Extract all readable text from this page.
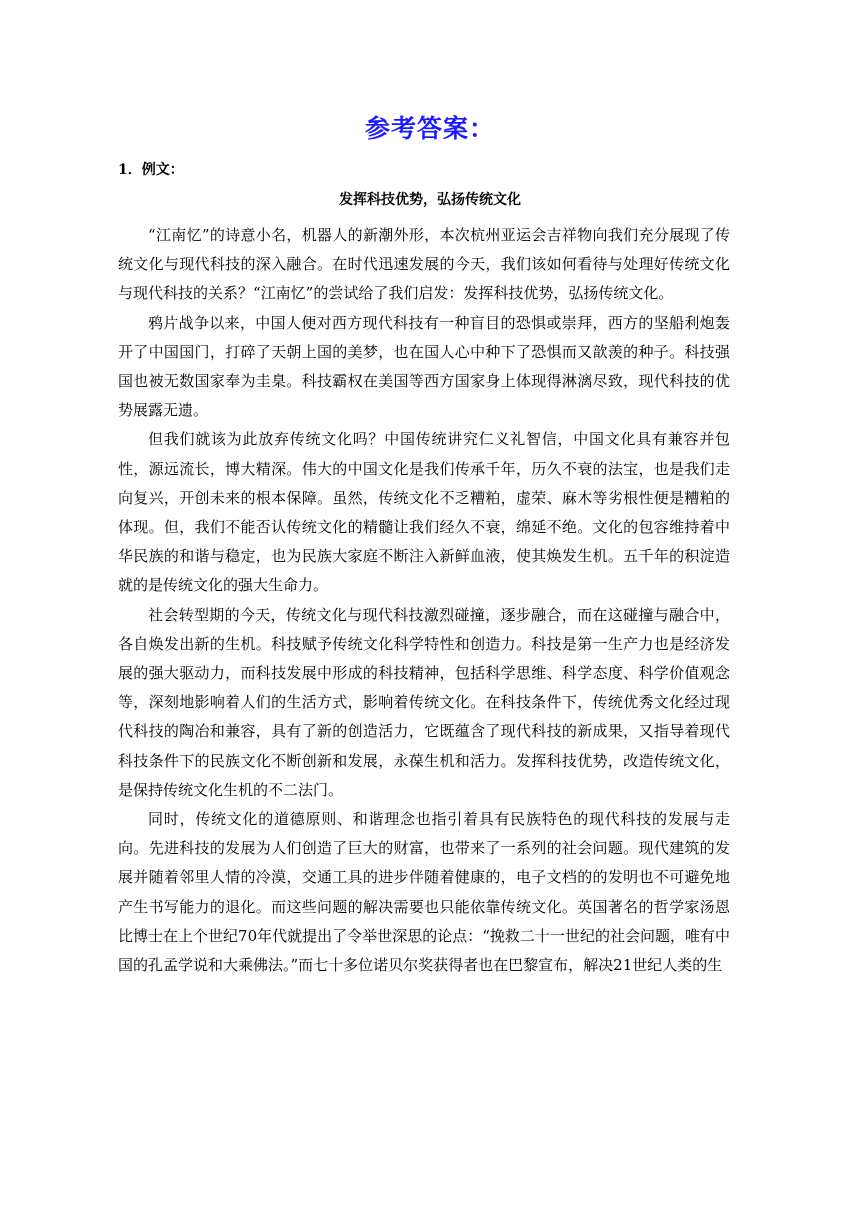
参考答案：
1．例文：
发挥科技优势，弘扬传统文化

“江南忆”的诗意小名，机器人的新潮外形，本次杭州亚运会吉祥物向我们充分展现了传统文化与现代科技的深入融合。在时代迅速发展的今天，我们该如何看待与处理好传统文化与现代科技的关系？“江南忆”的尝试给了我们启发：发挥科技优势，弘扬传统文化。

鸦片战争以来，中国人便对西方现代科技有一种盲目的恐惧或崇拜，西方的坚船利炮轰开了中国国门，打碎了天朝上国的美梦，也在国人心中种下了恐惧而又歆羡的种子。科技强国也被无数国家奉为圭臬。科技霸权在美国等西方国家身上体现得淋漓尽致，现代科技的优势展露无遗。

但我们就该为此放弃传统文化吗？中国传统讲究仁义礼智信，中国文化具有兼容并包性，源远流长，博大精深。伟大的中国文化是我们传承千年，历久不衰的法宝，也是我们走向复兴，开创未来的根本保障。虽然，传统文化不乏糟粕，虚荣、麻木等劣根性便是糟粕的体现。但，我们不能否认传统文化的精髓让我们经久不衰，绵延不绝。文化的包容维持着中华民族的和谐与稳定，也为民族大家庭不断注入新鲜血液，使其焕发生机。五千年的积淀造就的是传统文化的强大生命力。

社会转型期的今天，传统文化与现代科技激烈碰撞，逐步融合，而在这碰撞与融合中，各自焕发出新的生机。科技赋予传统文化科学特性和创造力。科技是第一生产力也是经济发展的强大驱动力，而科技发展中形成的科技精神，包括科学思维、科学态度、科学价值观念等，深刻地影响着人们的生活方式，影响着传统文化。在科技条件下，传统优秀文化经过现代科技的陶冶和兼容，具有了新的创造活力，它既蕴含了现代科技的新成果，又指导着现代科技条件下的民族文化不断创新和发展，永葆生机和活力。发挥科技优势，改造传统文化，是保持传统文化生机的不二法门。

同时，传统文化的道德原则、和谐理念也指引着具有民族特色的现代科技的发展与走向。先进科技的发展为人们创造了巨大的财富，也带来了一系列的社会问题。现代建筑的发展并随着邻里人情的冷漠，交通工具的进步伴随着健康的，电子文档的的发明也不可避免地产生书写能力的退化。而这些问题的解决需要也只能依靠传统文化。英国著名的哲学家汤恩比博士在上个世纪70年代就提出了令举世深思的论点：“挽救二十一世纪的社会问题，唯有中国的孔孟学说和大乘佛法。”而七十多位诺贝尔奖获得者也在巴黎宣布，解决21世纪人类的生
